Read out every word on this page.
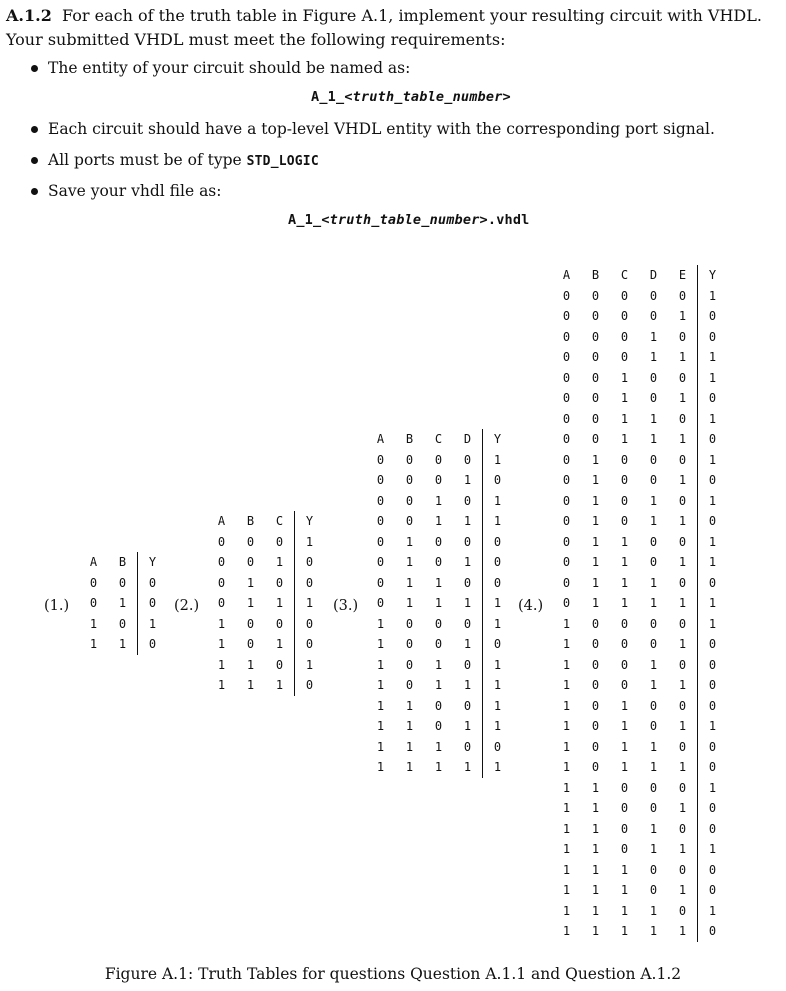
A.1.2 For each of the truth table in Figure A.1, implement your resulting circuit with VHDL. Your submitted VHDL must meet the following requirements:

The entity of your circuit should be named as:
A_1_<truth_table_number>
Each circuit should have a top-level VHDL entity with the corresponding port signal.
All ports must be of type STD_LOGIC
Save your vhdl file as:
A_1_<truth_table_number>.vhdl
(1.)	(2.)	(3.)	(4.)
A	B	Y
0	0	0
0	1	0
1	0	1
1	1	0
A	B	C	Y
0	0	0	1
0	0	1	0
0	1	0	0
0	1	1	1
1	0	0	0
1	0	1	0
1	1	0	1
1	1	1	0
A	B	C	D	Y
0	0	0	0	1
0	0	0	1	0
0	0	1	0	1
0	0	1	1	1
0	1	0	0	0
0	1	0	1	0
0	1	1	0	0
0	1	1	1	1
1	0	0	0	1
1	0	0	1	0
1	0	1	0	1
1	0	1	1	1
1	1	0	0	1
1	1	0	1	1
1	1	1	0	0
1	1	1	1	1
A	B	C	D	E	Y
0	0	0	0	0	1
0	0	0	0	1	0
0	0	0	1	0	0
0	0	0	1	1	1
0	0	1	0	0	1
0	0	1	0	1	0
0	0	1	1	0	1
0	0	1	1	1	0
0	1	0	0	0	1
0	1	0	0	1	0
0	1	0	1	0	1
0	1	0	1	1	0
0	1	1	0	0	1
0	1	1	0	1	1
0	1	1	1	0	0
0	1	1	1	1	1
1	0	0	0	0	1
1	0	0	0	1	0
1	0	0	1	0	0
1	0	0	1	1	0
1	0	1	0	0	0
1	0	1	0	1	1
1	0	1	1	0	0
1	0	1	1	1	0
1	1	0	0	0	1
1	1	0	0	1	0
1	1	0	1	0	0
1	1	0	1	1	1
1	1	1	0	0	0
1	1	1	0	1	0
1	1	1	1	0	1
1	1	1	1	1	0
Figure A.1: Truth Tables for questions Question A.1.1 and Question A.1.2
